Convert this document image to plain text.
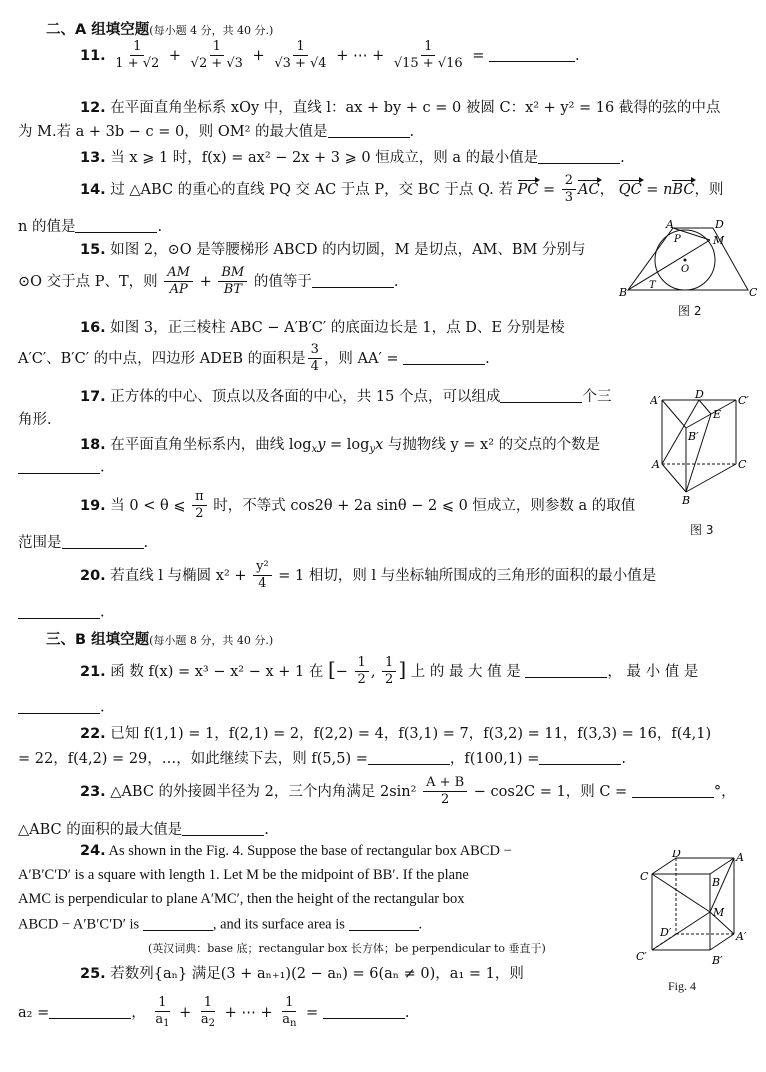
二、A 组填空题(每小题 4 分，共 40 分.)
11. $\frac{1}{1 + √2} + \frac{1}{√2 + √3} + \frac{1}{√3 + √4}$ + ⋯ + $\frac{1}{√15 + √16}$ =	.
12. 在平面直角坐标系 xOy 中，直线 l：ax + by + c = 0 被圆 C：x² + y² = 16 截得的弦的中点
为 M.若 a + 3b − c = 0，则 OM² 的最大值是	.
13. 当 x ⩾ 1 时，f(x) = ax² − 2x + 3 ⩾ 0 恒成立，则 a 的最小值是	.
14. 过 △ABC 的重心的直线 PQ 交 AC 于点 P，交 BC 于点 Q. 若 PC = $\frac{2}{3}$ AC， QC = nBC，则
n 的值是	.
15. 如图 2，⊙O 是等腰梯形 ABCD 的内切圆，M 是切点，AM、BM 分别与
⊙O 交于点 P、T，则 $\frac{AM}{AP} + \frac{BM}{BT}$ 的值等于	.
A	D
P	M
O
B
T
C
图 2
16. 如图 3，正三棱柱 ABC − A′B′C′ 的底面边长是 1，点 D、E 分别是棱
A′C′、B′C′ 的中点，四边形 ADEB 的面积是 $\frac{3}{4}$ ，则 AA′ =	.
17. 正方体的中心、顶点以及各面的中心，共 15 个点，可以组成	个三
角形.
18. 在平面直角坐标系内，曲线 $\log_xy = \log_yx$ 与抛物线 y = x² 的交点的个数是
.
A′	D	C′
E
B′
A	C
B
图 3
19. 当 0 < θ ⩽ $\frac{\pi}{2}$ 时，不等式 cos2θ + 2a sinθ − 2 ⩽ 0 恒成立，则参数 a 的取值
范围是	.
20. 若直线 l 与椭圆 $x^2 + \frac{\text{y²}}{4} = 1$ 相切，则 l 与坐标轴所围成的三角形的面积的最小值是
.
三、B 组填空题(每小题 8 分，共 40 分.)
21. 函 数 f(x) = x³ − x² − x + 1 在 [− $\frac{1}{2}$ , $\frac{1}{2}$ ] 上 的 最 大 值 是	， 最 小 值 是
.
22. 已知 f(1,1) = 1，f(2,1) = 2，f(2,2) = 4，f(3,1) = 7，f(3,2) = 11，f(3,3) = 16，f(4,1)
= 22，f(4,2) = 29，…，如此继续下去，则 f(5,5) =	，f(100,1) =	.
23. △ABC 的外接圆半径为 2，三个内角满足 $2\sin^2 \frac{A + B}{2} - \cos 2C = 1$，则 C =	°，
△ABC 的面积的最大值是	.
24. As shown in the Fig. 4. Suppose the base of rectangular box ABCD −
A′B′C′D′ is a square with length 1. Let M be the midpoint of BB′. If the plane
AMC is perpendicular to plane A′MC′, then the height of the rectangular box
ABCD − A′B′C′D′ is	, and its surface area is	.
(英汉词典：base 底；rectangular box 长方体；be perpendicular to 垂直于)
D	A
C	B
M
D′	A′
C′	B′
Fig. 4
25. 若数列{aₙ} 满足(3 + aₙ₊₁)(2 − aₙ) = 6(aₙ ≠ 0)，a₁ = 1，则
a₂ =	， $\frac{1}{a_1} + \frac{1}{a_2}$ + ⋯ + $\frac{1}{a_n}$ =	.
